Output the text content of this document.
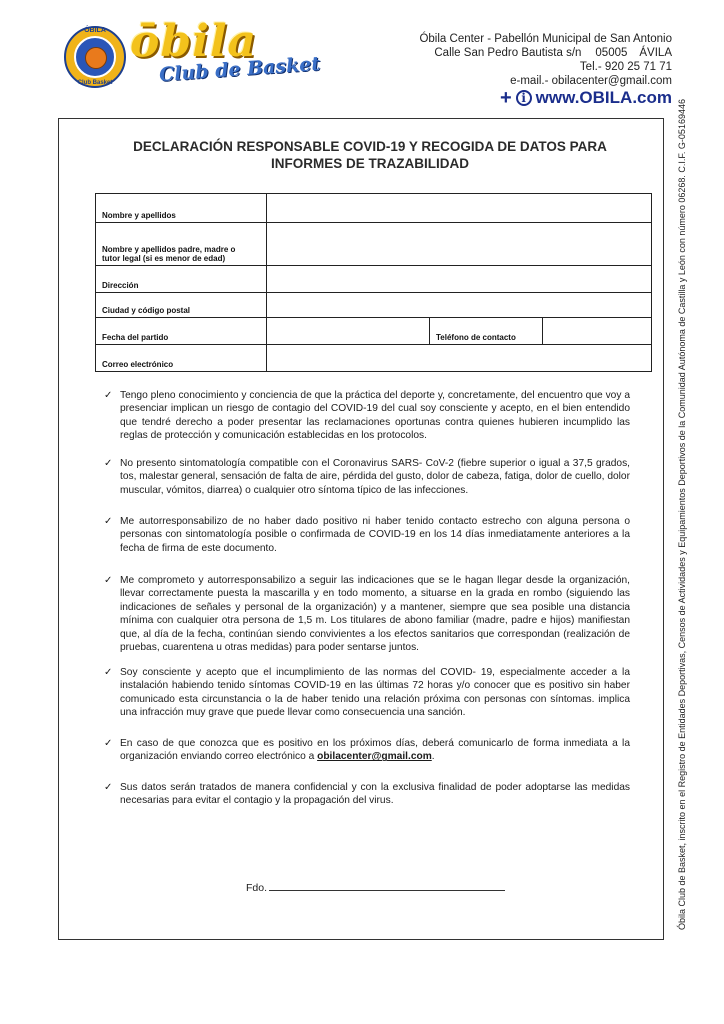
ÓBILA
Club Basket
ōbila
Club de Basket
Óbila Center - Pabellón Municipal de San Antonio
Calle San Pedro Bautista s/n 05005 ÁVILA
Tel.- 920 25 71 71
e-mail.- obilacenter@gmail.com
+ i www.OBILA.com
Óbila Club de Basket, inscrito en el Registro de Entidades Deportivas, Censos de Actividades y Equipamientos Deportivos de la Comunidad Autónoma de Castilla y León con número 06268. C.I.F. G-05169446
DECLARACIÓN RESPONSABLE COVID-19 Y RECOGIDA DE DATOS PARA
INFORMES DE TRAZABILIDAD
Nombre y apellidos			

Nombre y apellidos padre, madre o
tutor legal (si es menor de edad)			

Dirección			
Ciudad y código postal			
Fecha del partido		Teléfono de contacto	
Correo electrónico			
✓ Tengo pleno conocimiento y conciencia de que la práctica del deporte y, concretamente, del encuentro que voy a presenciar implican un riesgo de contagio del COVID-19 del cual soy consciente y acepto, en el bien entendido que tendré derecho a poder presentar las reclamaciones oportunas contra quienes hubieren incumplido las reglas de protección y comunicación establecidas en los protocolos.
✓ No presento sintomatología compatible con el Coronavirus SARS- CoV-2 (fiebre superior o igual a 37,5 grados, tos, malestar general, sensación de falta de aire, pérdida del gusto, dolor de cabeza, fatiga, dolor de cuello, dolor muscular, vómitos, diarrea) o cualquier otro síntoma típico de las infecciones.
✓ Me autorresponsabilizo de no haber dado positivo ni haber tenido contacto estrecho con alguna persona o personas con sintomatología posible o confirmada de COVID-19 en los 14 días inmediatamente anteriores a la fecha de firma de este documento.
✓ Me comprometo y autorresponsabilizo a seguir las indicaciones que se le hagan llegar desde la organización, llevar correctamente puesta la mascarilla y en todo momento, a situarse en la grada en rombo (siguiendo las indicaciones de señales y personal de la organización) y a mantener, siempre que sea posible una distancia mínima con cualquier otra persona de 1,5 m. Los titulares de abono familiar (madre, padre e hijos) manifiestan que, al día de la fecha, continúan siendo convivientes a los efectos sanitarios que correspondan (realización de pruebas, cuarentena u otras medidas) para poder sentarse juntos.
✓ Soy consciente y acepto que el incumplimiento de las normas del COVID- 19, especialmente acceder a la instalación habiendo tenido síntomas COVID-19 en las últimas 72 horas y/o conocer que es positivo sin haber comunicado esta circunstancia o la de haber tenido una relación próxima con personas con síntomas. implica una infracción muy grave que puede llevar como consecuencia una sanción.
✓ En caso de que conozca que es positivo en los próximos días, deberá comunicarlo de forma inmediata a la organización enviando correo electrónico a obilacenter@gmail.com.
✓ Sus datos serán tratados de manera confidencial y con la exclusiva finalidad de poder adoptarse las medidas necesarias para evitar el contagio y la propagación del virus.
Fdo.
